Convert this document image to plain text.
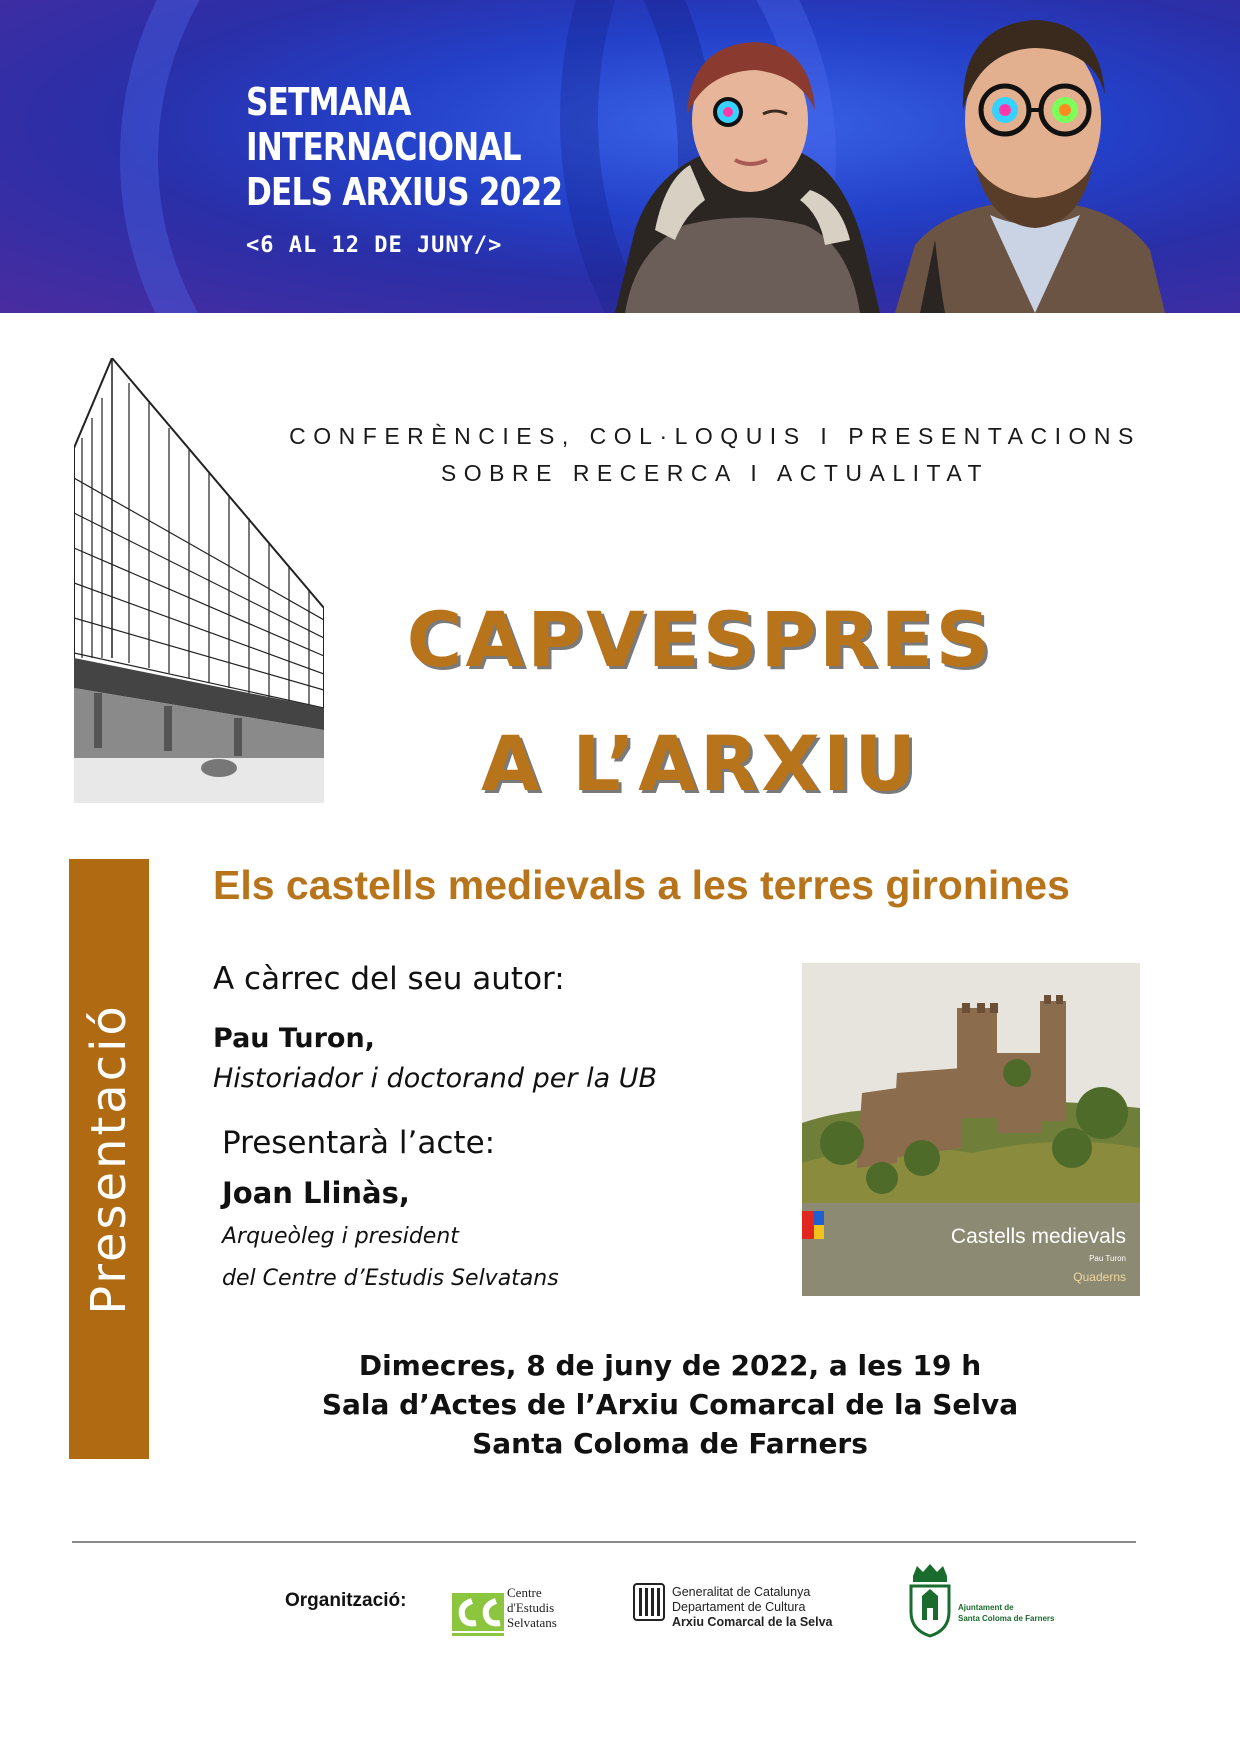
SETMANA
INTERNACIONAL
DELS ARXIUS 2022
<6 AL 12 DE JUNY/>
CONFERÈNCIES, COL·LOQUIS I PRESENTACIONS
SOBRE RECERCA I ACTUALITAT
CAPVESPRES
A L’ARXIU
Presentació
Els castells medievals a les terres gironines
A càrrec del seu autor:
Pau Turon,
Historiador i doctorand per la UB
Presentarà l’acte:
Joan Llinàs,
Arqueòleg i president
del Centre d’Estudis Selvatans
Castells medievals
Pau Turon
Quaderns
Dimecres, 8 de juny de 2022, a les 19 h
Sala d’Actes de l’Arxiu Comarcal de la Selva
Santa Coloma de Farners
Organització:	Centre
d'Estudis
Selvatans
Generalitat de Catalunya
Departament de Cultura
Arxiu Comarcal de la Selva
Ajuntament de
Santa Coloma de Farners
